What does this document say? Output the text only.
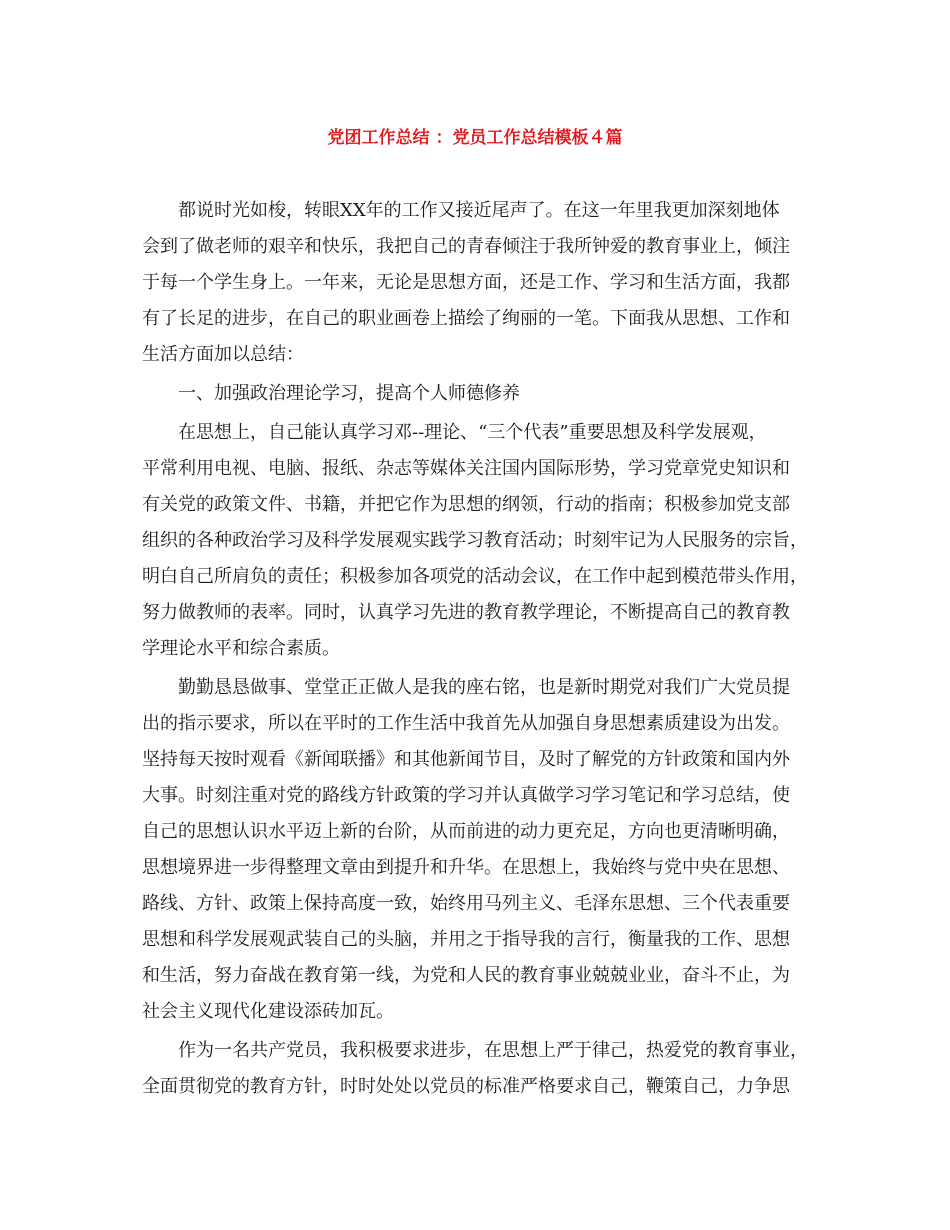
党团工作总结 ：党员工作总结模板４篇
都说时光如梭，转眼XX年的工作又接近尾声了。在这一年里我更加深刻地体
会到了做老师的艰辛和快乐，我把自己的青春倾注于我所钟爱的教育事业上，倾注
于每一个学生身上。一年来，无论是思想方面，还是工作、学习和生活方面，我都
有了长足的进步，在自己的职业画卷上描绘了绚丽的一笔。下面我从思想、工作和
生活方面加以总结：
一、加强政治理论学习，提高个人师德修养
在思想上，自己能认真学习邓--理论、“三个代表”重要思想及科学发展观，
平常利用电视、电脑、报纸、杂志等媒体关注国内国际形势，学习党章党史知识和
有关党的政策文件、书籍，并把它作为思想的纲领，行动的指南；积极参加党支部
组织的各种政治学习及科学发展观实践学习教育活动；时刻牢记为人民服务的宗旨，
明白自己所肩负的责任；积极参加各项党的活动会议，在工作中起到模范带头作用，
努力做教师的表率。同时，认真学习先进的教育教学理论，不断提高自己的教育教
学理论水平和综合素质。
勤勤恳恳做事、堂堂正正做人是我的座右铭，也是新时期党对我们广大党员提
出的指示要求，所以在平时的工作生活中我首先从加强自身思想素质建设为出发。
坚持每天按时观看《新闻联播》和其他新闻节目，及时了解党的方针政策和国内外
大事。时刻注重对党的路线方针政策的学习并认真做学习学习笔记和学习总结，使
自己的思想认识水平迈上新的台阶，从而前进的动力更充足，方向也更清晰明确，
思想境界进一步得整理文章由到提升和升华。在思想上，我始终与党中央在思想、
路线、方针、政策上保持高度一致，始终用马列主义、毛泽东思想、三个代表重要
思想和科学发展观武装自己的头脑，并用之于指导我的言行，衡量我的工作、思想
和生活，努力奋战在教育第一线，为党和人民的教育事业兢兢业业，奋斗不止，为
社会主义现代化建设添砖加瓦。
作为一名共产党员，我积极要求进步，在思想上严于律己，热爱党的教育事业，
全面贯彻党的教育方针，时时处处以党员的标准严格要求自己，鞭策自己，力争思
